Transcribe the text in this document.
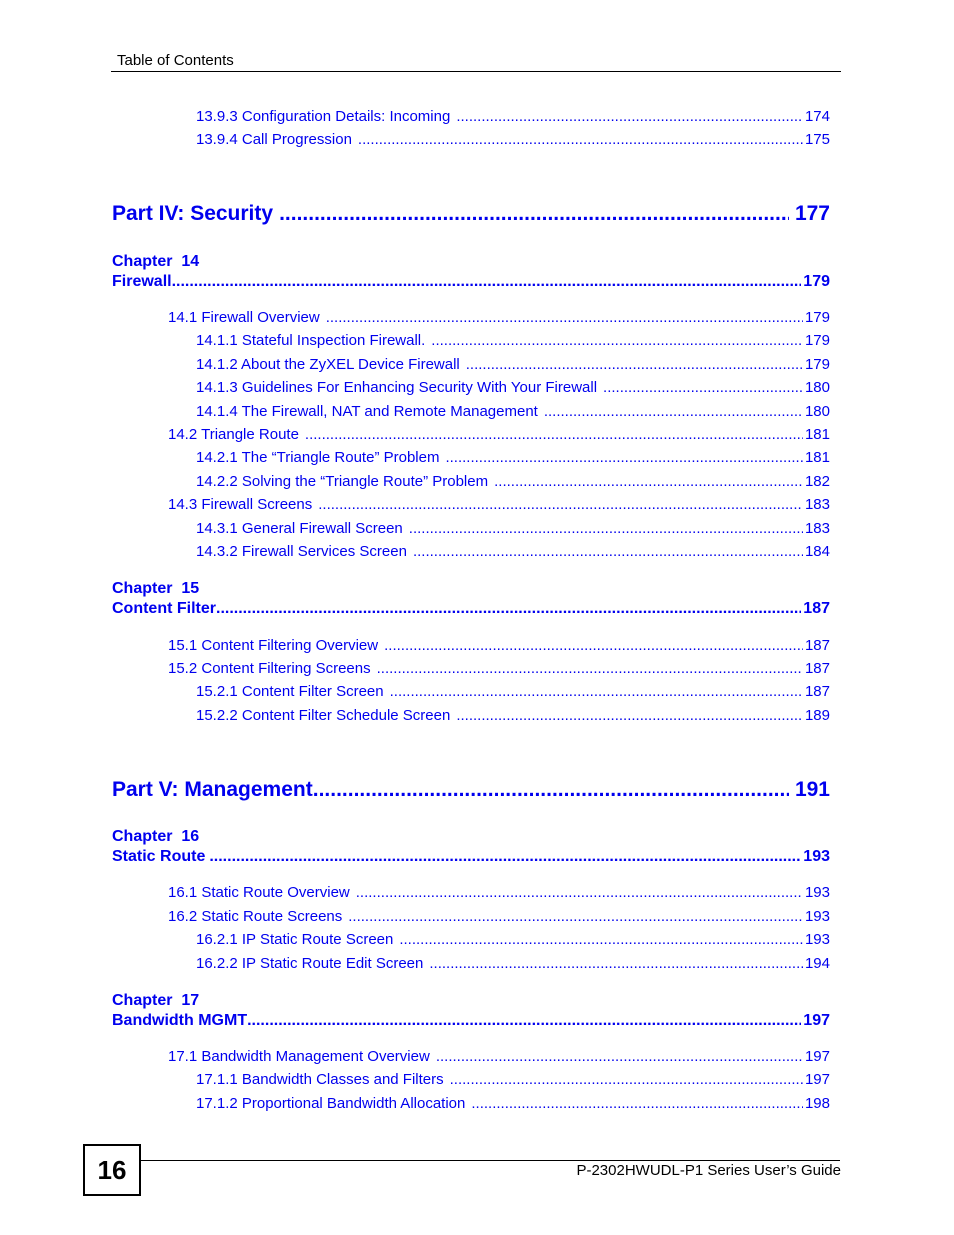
Table of Contents
13.9.3 Configuration Details: Incoming .....	174
13.9.4 Call Progression .....	175
Part IV: Security .....	177
Chapter  14
Firewall .....	179
14.1 Firewall Overview .....	179
14.1.1 Stateful Inspection Firewall. .....	179
14.1.2 About the ZyXEL Device Firewall .....	179
14.1.3 Guidelines For Enhancing Security With Your Firewall .....	180
14.1.4 The Firewall, NAT and Remote Management .....	180
14.2 Triangle Route .....	181
14.2.1 The “Triangle Route” Problem .....	181
14.2.2 Solving the “Triangle Route” Problem .....	182
14.3 Firewall Screens .....	183
14.3.1 General Firewall Screen .....	183
14.3.2 Firewall Services Screen .....	184
Chapter  15
Content Filter .....	187
15.1 Content Filtering Overview .....	187
15.2 Content Filtering Screens .....	187
15.2.1 Content Filter Screen .....	187
15.2.2 Content Filter Schedule Screen .....	189
Part V: Management .....	191
Chapter  16
Static Route .....	193
16.1 Static Route Overview .....	193
16.2 Static Route Screens .....	193
16.2.1 IP Static Route Screen .....	193
16.2.2 IP Static Route Edit Screen .....	194
Chapter  17
Bandwidth MGMT .....	197
17.1 Bandwidth Management Overview .....	197
17.1.1 Bandwidth Classes and Filters .....	197
17.1.2 Proportional Bandwidth Allocation .....	198
16	P-2302HWUDL-P1 Series User’s Guide
